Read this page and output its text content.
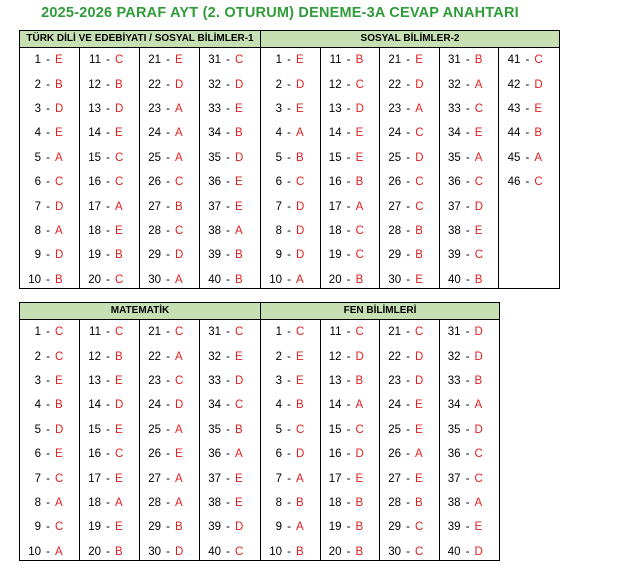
2025-2026 PARAF AYT (2. OTURUM) DENEME-3A CEVAP ANAHTARI
TÜRK DİLİ VE EDEBİYATI / SOSYAL BİLİMLER-1
1 - E
2 - B
3 - D
4 - E
5 - A
6 - C
7 - D
8 - A
9 - D
10 - B
11 - C
12 - B
13 - D
14 - E
15 - C
16 - C
17 - A
18 - E
19 - B
20 - C
21 - E
22 - D
23 - A
24 - A
25 - A
26 - C
27 - B
28 - C
29 - D
30 - A
31 - C
32 - D
33 - E
34 - B
35 - D
36 - E
37 - E
38 - A
39 - B
40 - B
SOSYAL BİLİMLER-2
1 - E
2 - D
3 - E
4 - A
5 - B
6 - C
7 - D
8 - D
9 - D
10 - A
11 - B
12 - C
13 - D
14 - E
15 - E
16 - B
17 - A
18 - C
19 - C
20 - B
21 - E
22 - D
23 - A
24 - C
25 - D
26 - C
27 - C
28 - B
29 - B
30 - E
31 - B
32 - A
33 - C
34 - E
35 - A
36 - C
37 - D
38 - E
39 - C
40 - B
41 - C
42 - D
43 - E
44 - B
45 - A
46 - C
MATEMATİK
1 - C
2 - C
3 - E
4 - B
5 - D
6 - E
7 - C
8 - A
9 - C
10 - A
11 - C
12 - B
13 - E
14 - D
15 - E
16 - C
17 - E
18 - A
19 - E
20 - B
21 - C
22 - A
23 - C
24 - D
25 - A
26 - E
27 - A
28 - A
29 - B
30 - D
31 - C
32 - E
33 - D
34 - C
35 - B
36 - A
37 - E
38 - E
39 - D
40 - C
FEN BİLİMLERİ
1 - C
2 - E
3 - E
4 - B
5 - C
6 - D
7 - A
8 - B
9 - A
10 - B
11 - C
12 - D
13 - B
14 - A
15 - C
16 - D
17 - E
18 - B
19 - B
20 - B
21 - C
22 - D
23 - D
24 - E
25 - E
26 - A
27 - E
28 - B
29 - C
30 - C
31 - D
32 - D
33 - B
34 - A
35 - D
36 - C
37 - C
38 - A
39 - E
40 - D
